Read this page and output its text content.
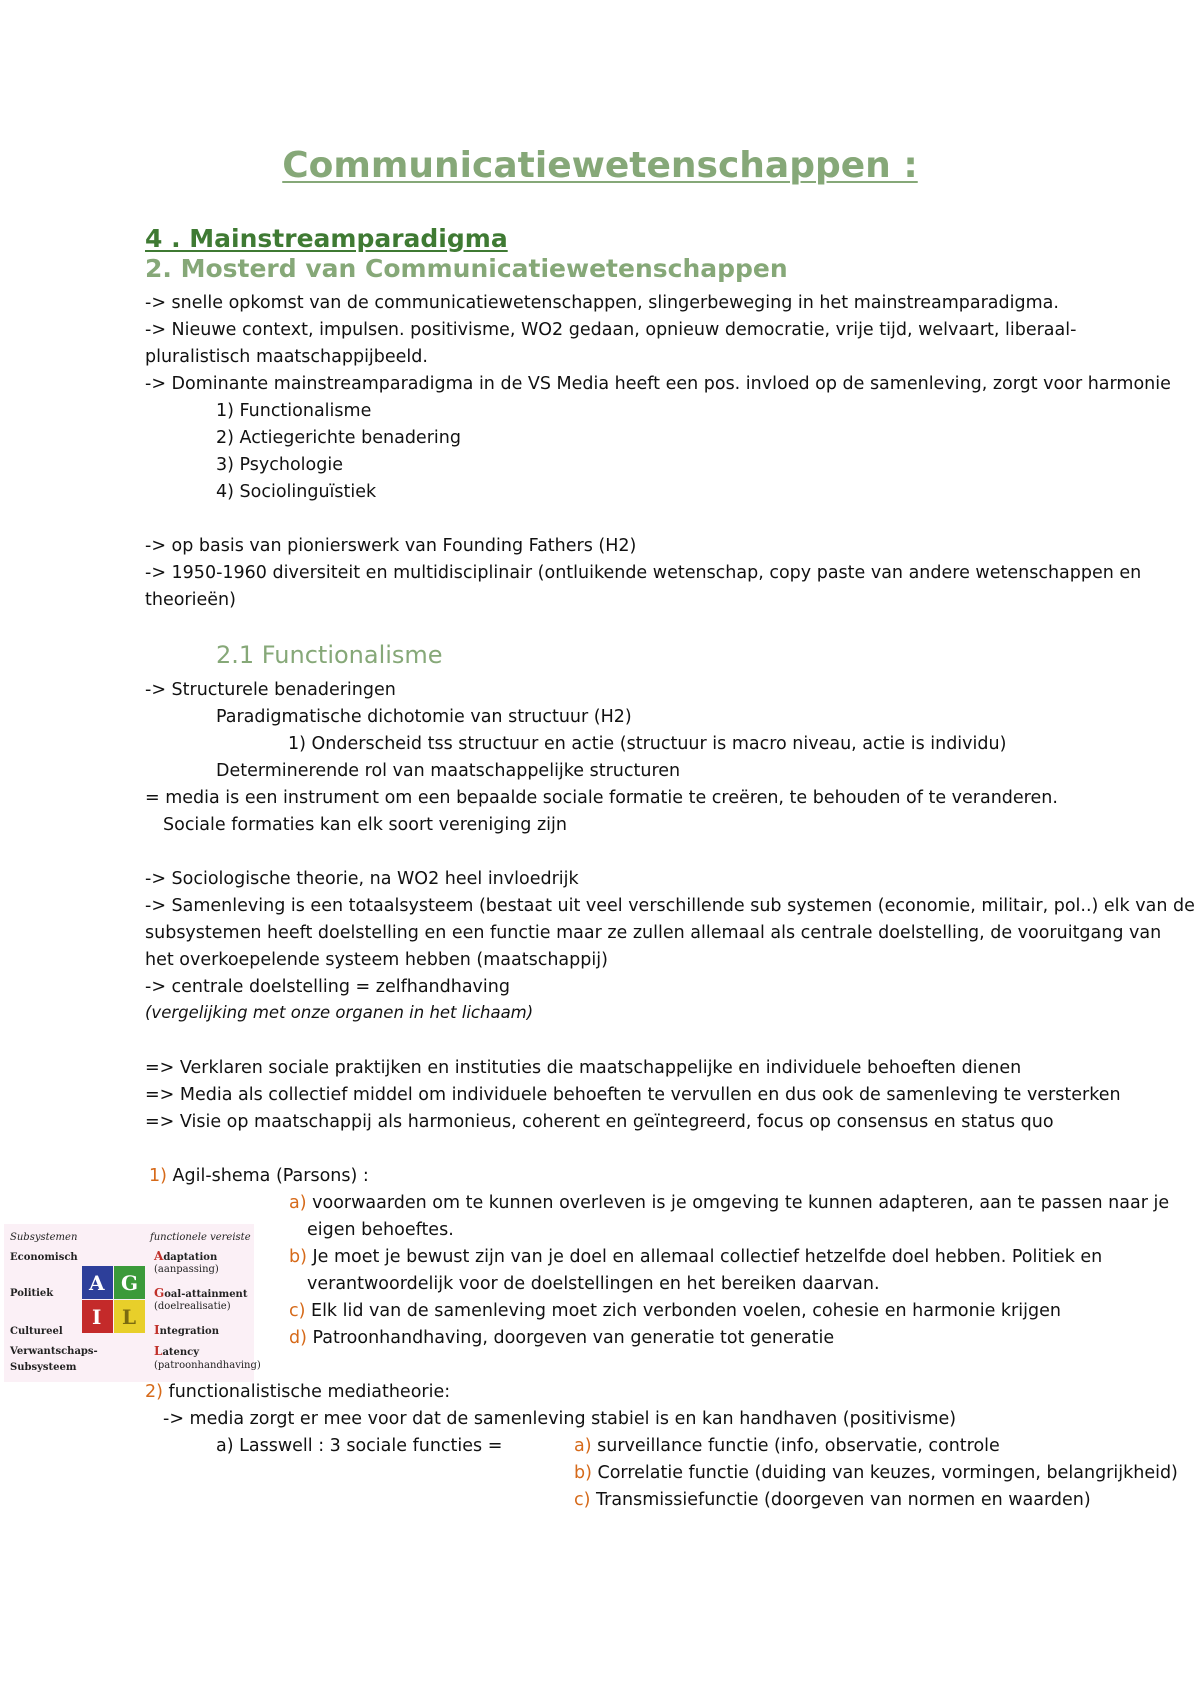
Communicatiewetenschappen :
4 . Mainstreamparadigma
2. Mosterd van Communicatiewetenschappen
-> snelle opkomst van de communicatiewetenschappen, slingerbeweging in het mainstreamparadigma.
-> Nieuwe context, impulsen. positivisme, WO2 gedaan, opnieuw democratie, vrije tijd, welvaart, liberaal-
pluralistisch maatschappijbeeld.
-> Dominante mainstreamparadigma in de VS Media heeft een pos. invloed op de samenleving, zorgt voor harmonie
1) Functionalisme
2) Actiegerichte benadering
3) Psychologie
4) Sociolinguïstiek
-> op basis van pionierswerk van Founding Fathers (H2)
-> 1950-1960 diversiteit en multidisciplinair (ontluikende wetenschap, copy paste van andere wetenschappen en
theorieën)
2.1 Functionalisme
-> Structurele benaderingen
Paradigmatische dichotomie van structuur (H2)
1) Onderscheid tss structuur en actie (structuur is macro niveau, actie is individu)
Determinerende rol van maatschappelijke structuren
= media is een instrument om een bepaalde sociale formatie te creëren, te behouden of te veranderen.
Sociale formaties kan elk soort vereniging zijn
-> Sociologische theorie, na WO2 heel invloedrijk
-> Samenleving is een totaalsysteem (bestaat uit veel verschillende sub systemen (economie, militair, pol..) elk van de
subsystemen heeft doelstelling en een functie maar ze zullen allemaal als centrale doelstelling, de vooruitgang van
het overkoepelende systeem hebben (maatschappij)
-> centrale doelstelling = zelfhandhaving
(vergelijking met onze organen in het lichaam)
=> Verklaren sociale praktijken en instituties die maatschappelijke en individuele behoeften dienen
=> Media als collectief middel om individuele behoeften te vervullen en dus ook de samenleving te versterken
=> Visie op maatschappij als harmonieus, coherent en geïntegreerd, focus op consensus en status quo
1) Agil-shema (Parsons) :
a) voorwaarden om te kunnen overleven is je omgeving te kunnen adapteren, aan te passen naar je
eigen behoeftes.
b) Je moet je bewust zijn van je doel en allemaal collectief hetzelfde doel hebben. Politiek en
verantwoordelijk voor de doelstellingen en het bereiken daarvan.
c) Elk lid van de samenleving moet zich verbonden voelen, cohesie en harmonie krijgen
d) Patroonhandhaving, doorgeven van generatie tot generatie
Subsystemen	functionele vereiste
Economisch
Politiek
Cultureel
Verwantschaps-
Subsysteem
A G
I L
Adaptation
(aanpassing)
Goal-attainment
(doelrealisatie)
Integration
Latency
(patroonhandhaving)
2) functionalistische mediatheorie:
-> media zorgt er mee voor dat de samenleving stabiel is en kan handhaven (positivisme)
a) Lasswell : 3 sociale functies =	a) surveillance functie (info, observatie, controle
b) Correlatie functie (duiding van keuzes, vormingen, belangrijkheid)
c) Transmissiefunctie (doorgeven van normen en waarden)
